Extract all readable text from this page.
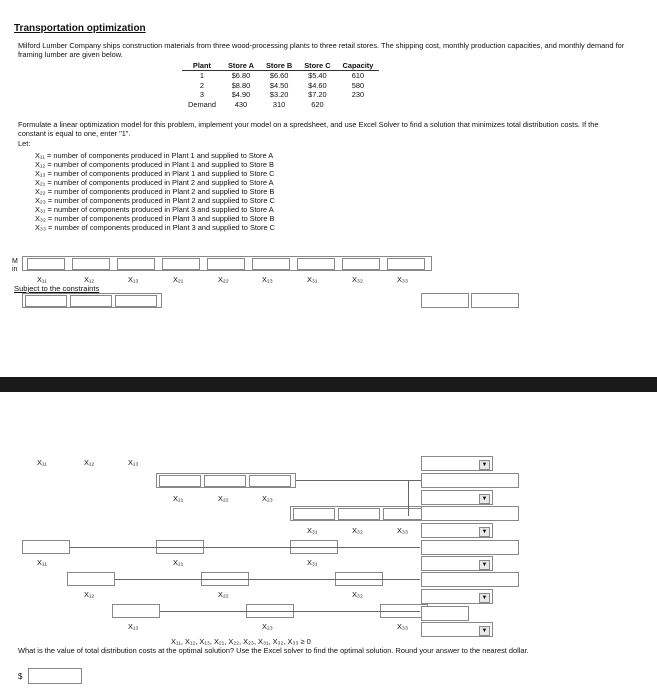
Transportation optimization
Milford Lumber Company ships construction materials from three wood-processing plants to three retail stores. The shipping cost, monthly production capacities, and monthly demand for framing lumber are given below.
Plant	Store A	Store B	Store C	Capacity
1	$6.80	$6.60	$5.40	610
2	$8.80	$4.50	$4.60	580
3	$4.90	$3.20	$7.20	230
Demand	430	310	620	
Formulate a linear optimization model for this problem, implement your model on a spredsheet, and use Excel Solver to find a solution that minimizes total distribution costs. If the constant is equal to one, enter "1".
Let:
X₁₁ = number of components produced in Plant 1 and supplied to Store A
X₁₂ = number of components produced in Plant 1 and supplied to Store B
X₁₃ = number of components produced in Plant 1 and supplied to Store C
X₂₁ = number of components produced in Plant 2 and supplied to Store A
X₂₂ = number of components produced in Plant 2 and supplied to Store B
X₂₃ = number of components produced in Plant 2 and supplied to Store C
X₃₁ = number of components produced in Plant 3 and supplied to Store A
X₃₂ = number of components produced in Plant 3 and supplied to Store B
X₃₃ = number of components produced in Plant 3 and supplied to Store C
M
in
X₁₁	X₁₂	X₁₃	X₂₁	X₂₂	X₂₃	X₃₁	X₃₂	X₃₃
Subject to the constraints
X₁₁	X₁₂	X₁₃
X₂₁	X₂₂	X₂₃
X₃₁	X₃₂	X₃₃
X₁₁	X₂₁	X₃₁
X₁₂	X₂₂	X₃₂
X₁₃	X₂₃	X₃₃
▼
▼
▼
▼
▼
▼
X₁₁, X₁₂, X₁₃, X₂₁, X₂₂, X₂₃, X₃₁, X₃₂, X₃₃ ≥ 0
What is the value of total distribution costs at the optimal solution? Use the Excel solver to find the optimal solution. Round your answer to the nearest dollar.
$
